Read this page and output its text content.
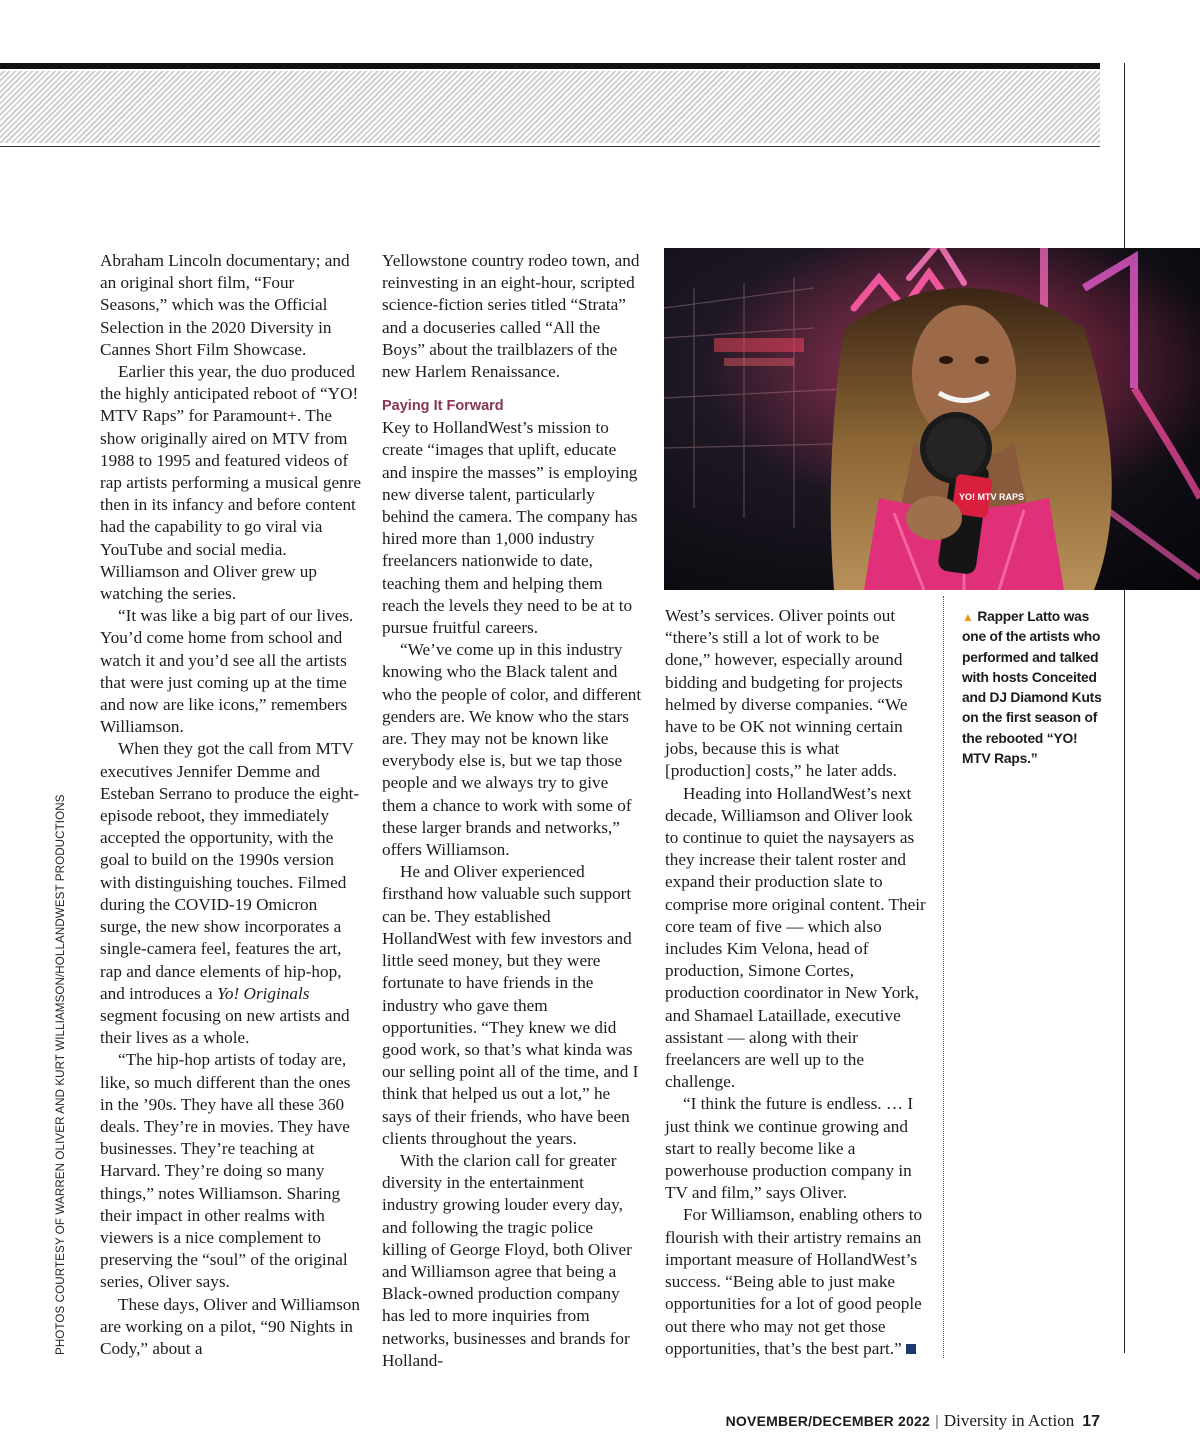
PHOTOS COURTESY OF WARREN OLIVER AND KURT WILLIAMSON/HOLLANDWEST PRODUCTIONS

Abraham Lincoln documentary; and an original short film, “Four Seasons,” which was the Official Selection in the 2020 Diversity in Cannes Short Film Showcase.

Earlier this year, the duo produced the highly anticipated reboot of “YO! MTV Raps” for Paramount+. The show originally aired on MTV from 1988 to 1995 and featured videos of rap artists performing a musical genre then in its infancy and before content had the capability to go viral via YouTube and social media. Williamson and Oliver grew up watching the series.

“It was like a big part of our lives. You’d come home from school and watch it and you’d see all the artists that were just coming up at the time and now are like icons,” remembers Williamson.

When they got the call from MTV executives Jennifer Demme and Esteban Serrano to produce the eight-episode reboot, they immediately accepted the opportunity, with the goal to build on the 1990s version with distinguishing touches. Filmed during the COVID-19 Omicron surge, the new show incorporates a single-camera feel, features the art, rap and dance elements of hip-hop, and introduces a Yo! Originals segment focusing on new artists and their lives as a whole.

“The hip-hop artists of today are, like, so much different than the ones in the ’90s. They have all these 360 deals. They’re in movies. They have businesses. They’re teaching at Harvard. They’re doing so many things,” notes Williamson. Sharing their impact in other realms with viewers is a nice complement to preserving the “soul” of the original series, Oliver says.

These days, Oliver and Williamson are working on a pilot, “90 Nights in Cody,” about a

Yellowstone country rodeo town, and reinvesting in an eight-hour, scripted science-fiction series titled “Strata” and a docuseries called “All the Boys” about the trailblazers of the new Harlem Renaissance.

Paying It Forward

Key to HollandWest’s mission to create “images that uplift, educate and inspire the masses” is employing new diverse talent, particularly behind the camera. The company has hired more than 1,000 industry freelancers nationwide to date, teaching them and helping them reach the levels they need to be at to pursue fruitful careers.

“We’ve come up in this industry knowing who the Black talent and who the people of color, and different genders are. We know who the stars are. They may not be known like everybody else is, but we tap those people and we always try to give them a chance to work with some of these larger brands and networks,” offers Williamson.

He and Oliver experienced firsthand how valuable such support can be. They established HollandWest with few investors and little seed money, but they were fortunate to have friends in the industry who gave them opportunities. “They knew we did good work, so that’s what kinda was our selling point all of the time, and I think that helped us out a lot,” he says of their friends, who have been clients throughout the years.

With the clarion call for greater diversity in the entertainment industry growing louder every day, and following the tragic police killing of George Floyd, both Oliver and Williamson agree that being a Black-owned production company has led to more inquiries from networks, businesses and brands for Holland-

YO! MTV RAPS

West’s services. Oliver points out “there’s still a lot of work to be done,” however, especially around bidding and budgeting for projects helmed by diverse companies. “We have to be OK not winning certain jobs, because this is what [production] costs,” he later adds.

Heading into HollandWest’s next decade, Williamson and Oliver look to continue to quiet the naysayers as they increase their talent roster and expand their production slate to comprise more original content. Their core team of five — which also includes Kim Velona, head of production, Simone Cortes, production coordinator in New York, and Shamael Lataillade, executive assistant — along with their freelancers are well up to the challenge.

“I think the future is endless. … I just think we continue growing and start to really become like a powerhouse production company in TV and film,” says Oliver.

For Williamson, enabling others to flourish with their artistry remains an important measure of HollandWest’s success. “Being able to just make opportunities for a lot of good people out there who may not get those opportunities, that’s the best part.”

▲ Rapper Latto was one of the artists who performed and talked with hosts Conceited and DJ Diamond Kuts on the first season of the rebooted “YO! MTV Raps.”
NOVEMBER/DECEMBER 2022 | Diversity in Action 17
